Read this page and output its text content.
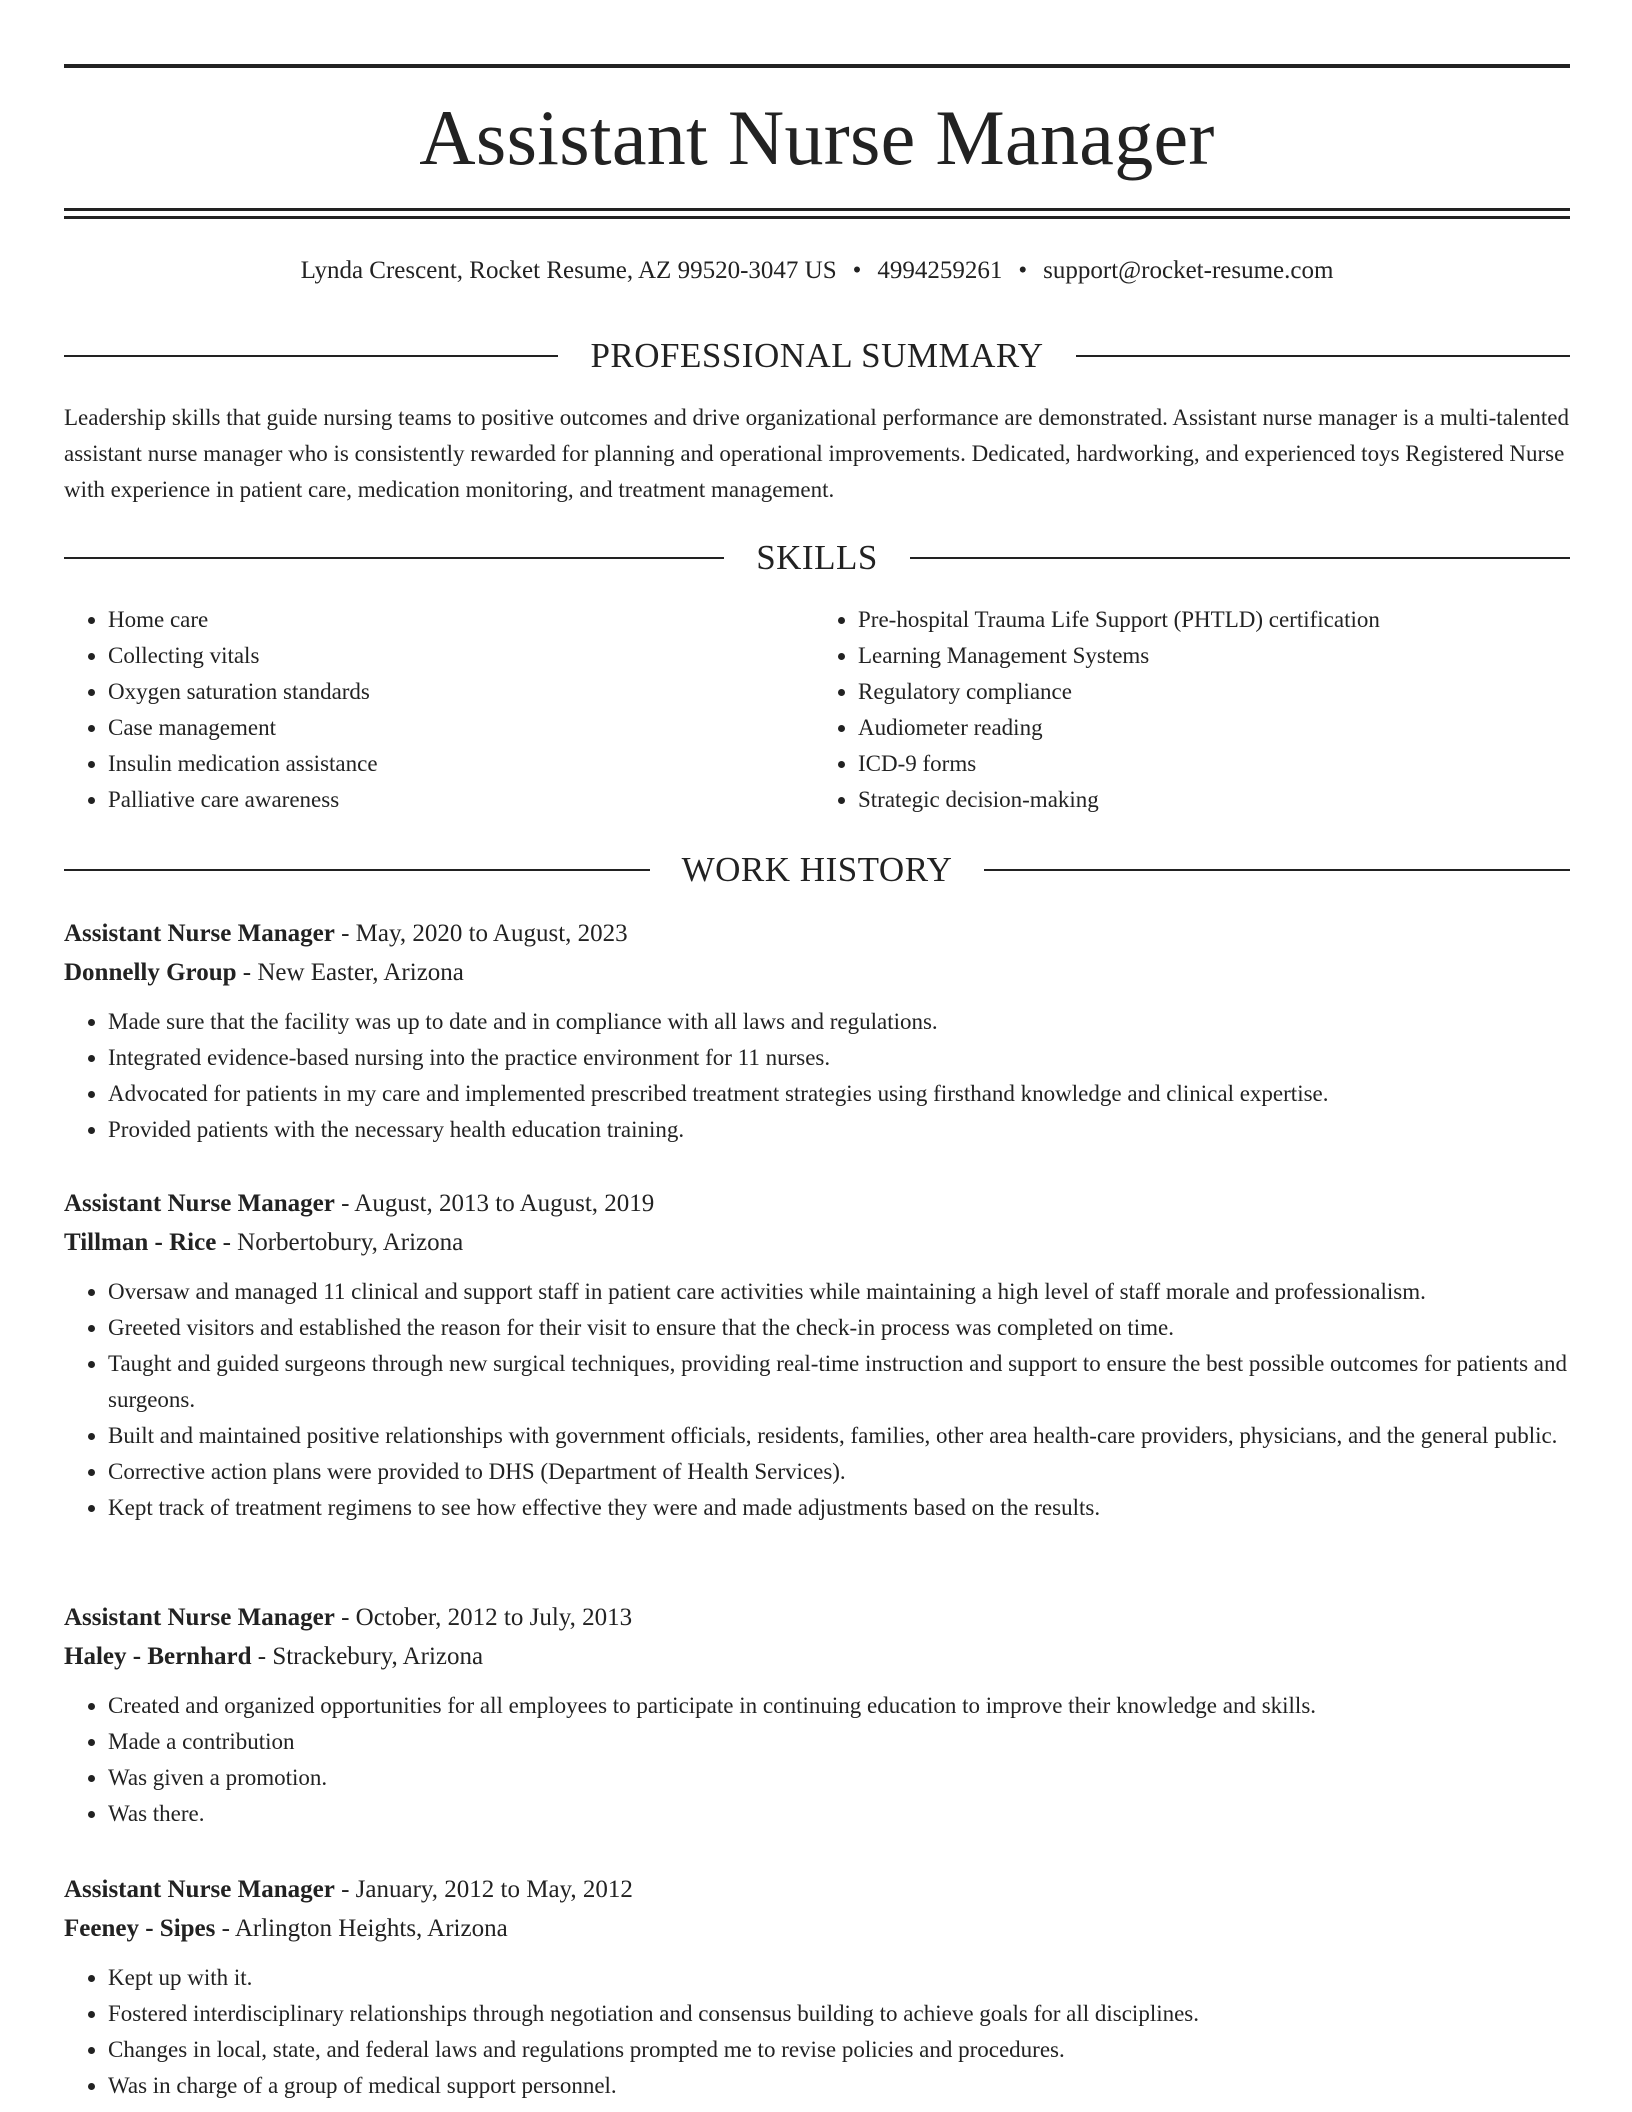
Assistant Nurse Manager
Lynda Crescent, Rocket Resume, AZ 99520-3047 US • 4994259261 • support@rocket-resume.com
PROFESSIONAL SUMMARY

Leadership skills that guide nursing teams to positive outcomes and drive organizational performance are demonstrated. Assistant nurse manager is a multi-talented assistant nurse manager who is consistently rewarded for planning and operational improvements. Dedicated, hardworking, and experienced toys Registered Nurse with experience in patient care, medication monitoring, and treatment management.

SKILLS
• Home care
• Collecting vitals
• Oxygen saturation standards
• Case management
• Insulin medication assistance
• Palliative care awareness
• Pre-hospital Trauma Life Support (PHTLD) certification
• Learning Management Systems
• Regulatory compliance
• Audiometer reading
• ICD-9 forms
• Strategic decision-making
WORK HISTORY
Assistant Nurse Manager - May, 2020 to August, 2023
Donnelly Group - New Easter, Arizona
• Made sure that the facility was up to date and in compliance with all laws and regulations.
• Integrated evidence-based nursing into the practice environment for 11 nurses.
• Advocated for patients in my care and implemented prescribed treatment strategies using firsthand knowledge and clinical expertise.
• Provided patients with the necessary health education training.
Assistant Nurse Manager - August, 2013 to August, 2019
Tillman - Rice - Norbertobury, Arizona
• Oversaw and managed 11 clinical and support staff in patient care activities while maintaining a high level of staff morale and professionalism.
• Greeted visitors and established the reason for their visit to ensure that the check-in process was completed on time.
• Taught and guided surgeons through new surgical techniques, providing real-time instruction and support to ensure the best possible outcomes for patients and surgeons.
• Built and maintained positive relationships with government officials, residents, families, other area health-care providers, physicians, and the general public.
• Corrective action plans were provided to DHS (Department of Health Services).
• Kept track of treatment regimens to see how effective they were and made adjustments based on the results.
Assistant Nurse Manager - October, 2012 to July, 2013
Haley - Bernhard - Strackebury, Arizona
• Created and organized opportunities for all employees to participate in continuing education to improve their knowledge and skills.
• Made a contribution
• Was given a promotion.
• Was there.
Assistant Nurse Manager - January, 2012 to May, 2012
Feeney - Sipes - Arlington Heights, Arizona
• Kept up with it.
• Fostered interdisciplinary relationships through negotiation and consensus building to achieve goals for all disciplines.
• Changes in local, state, and federal laws and regulations prompted me to revise policies and procedures.
• Was in charge of a group of medical support personnel.
